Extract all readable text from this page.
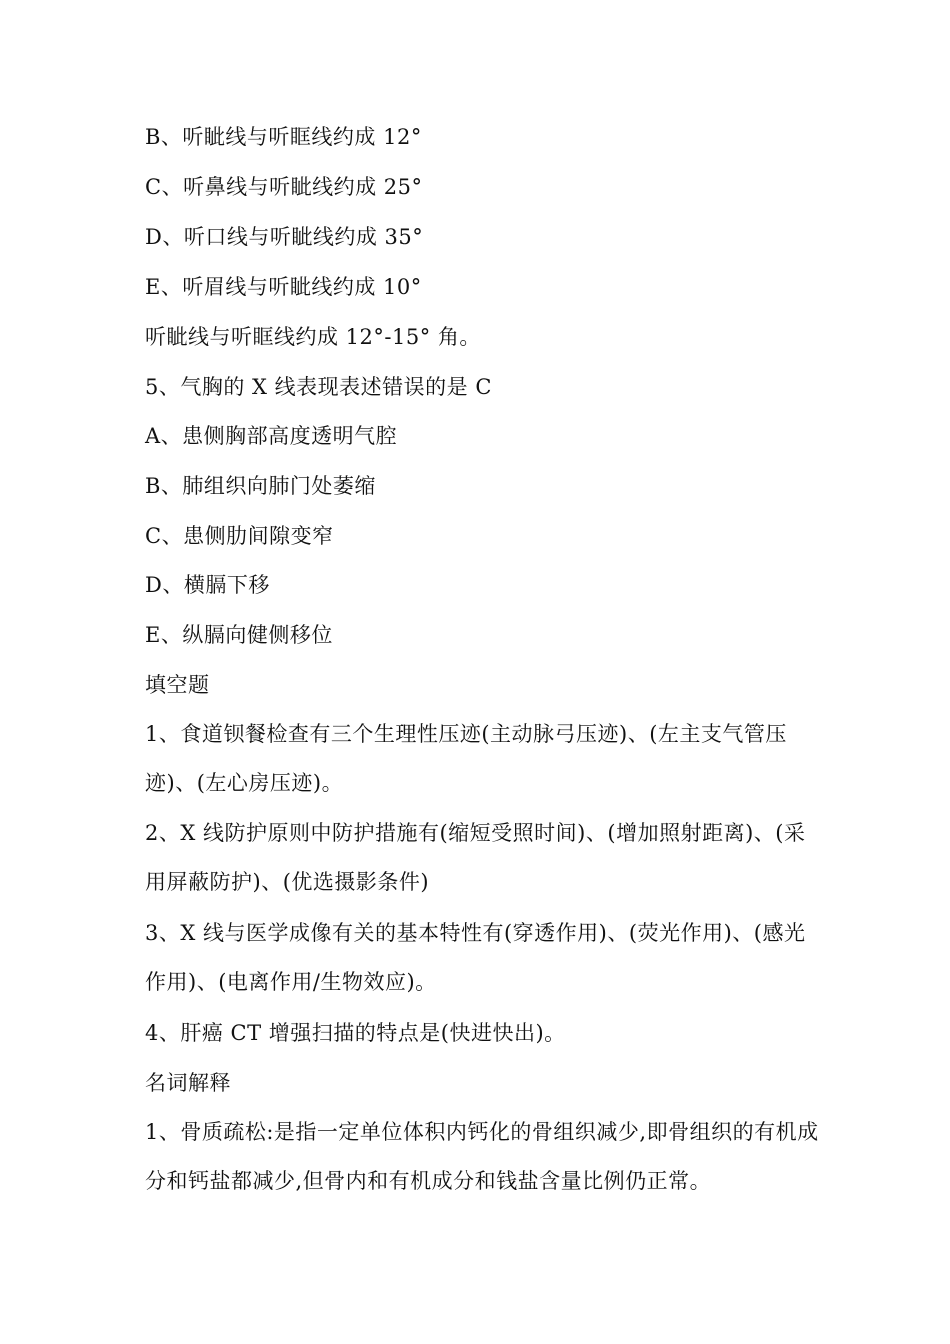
B、听眦线与听眶线约成 12°
C、听鼻线与听眦线约成 25°
D、听口线与听眦线约成 35°
E、听眉线与听眦线约成 10°
听眦线与听眶线约成 12°-15° 角。
5、气胸的 X 线表现表述错误的是 C
A、患侧胸部高度透明气腔
B、肺组织向肺门处萎缩
C、患侧肋间隙变窄
D、横膈下移
E、纵膈向健侧移位
填空题
1、食道钡餐检查有三个生理性压迹(主动脉弓压迹)、(左主支气管压迹)、(左心房压迹)。
2、X 线防护原则中防护措施有(缩短受照时间)、(增加照射距离)、(采用屏蔽防护)、(优选摄影条件)
3、X 线与医学成像有关的基本特性有(穿透作用)、(荧光作用)、(感光作用)、(电离作用/生物效应)。
4、肝癌 CT 增强扫描的特点是(快进快出)。
名词解释
1、骨质疏松:是指一定单位体积内钙化的骨组织减少,即骨组织的有机成分和钙盐都减少,但骨内和有机成分和钱盐含量比例仍正常。
